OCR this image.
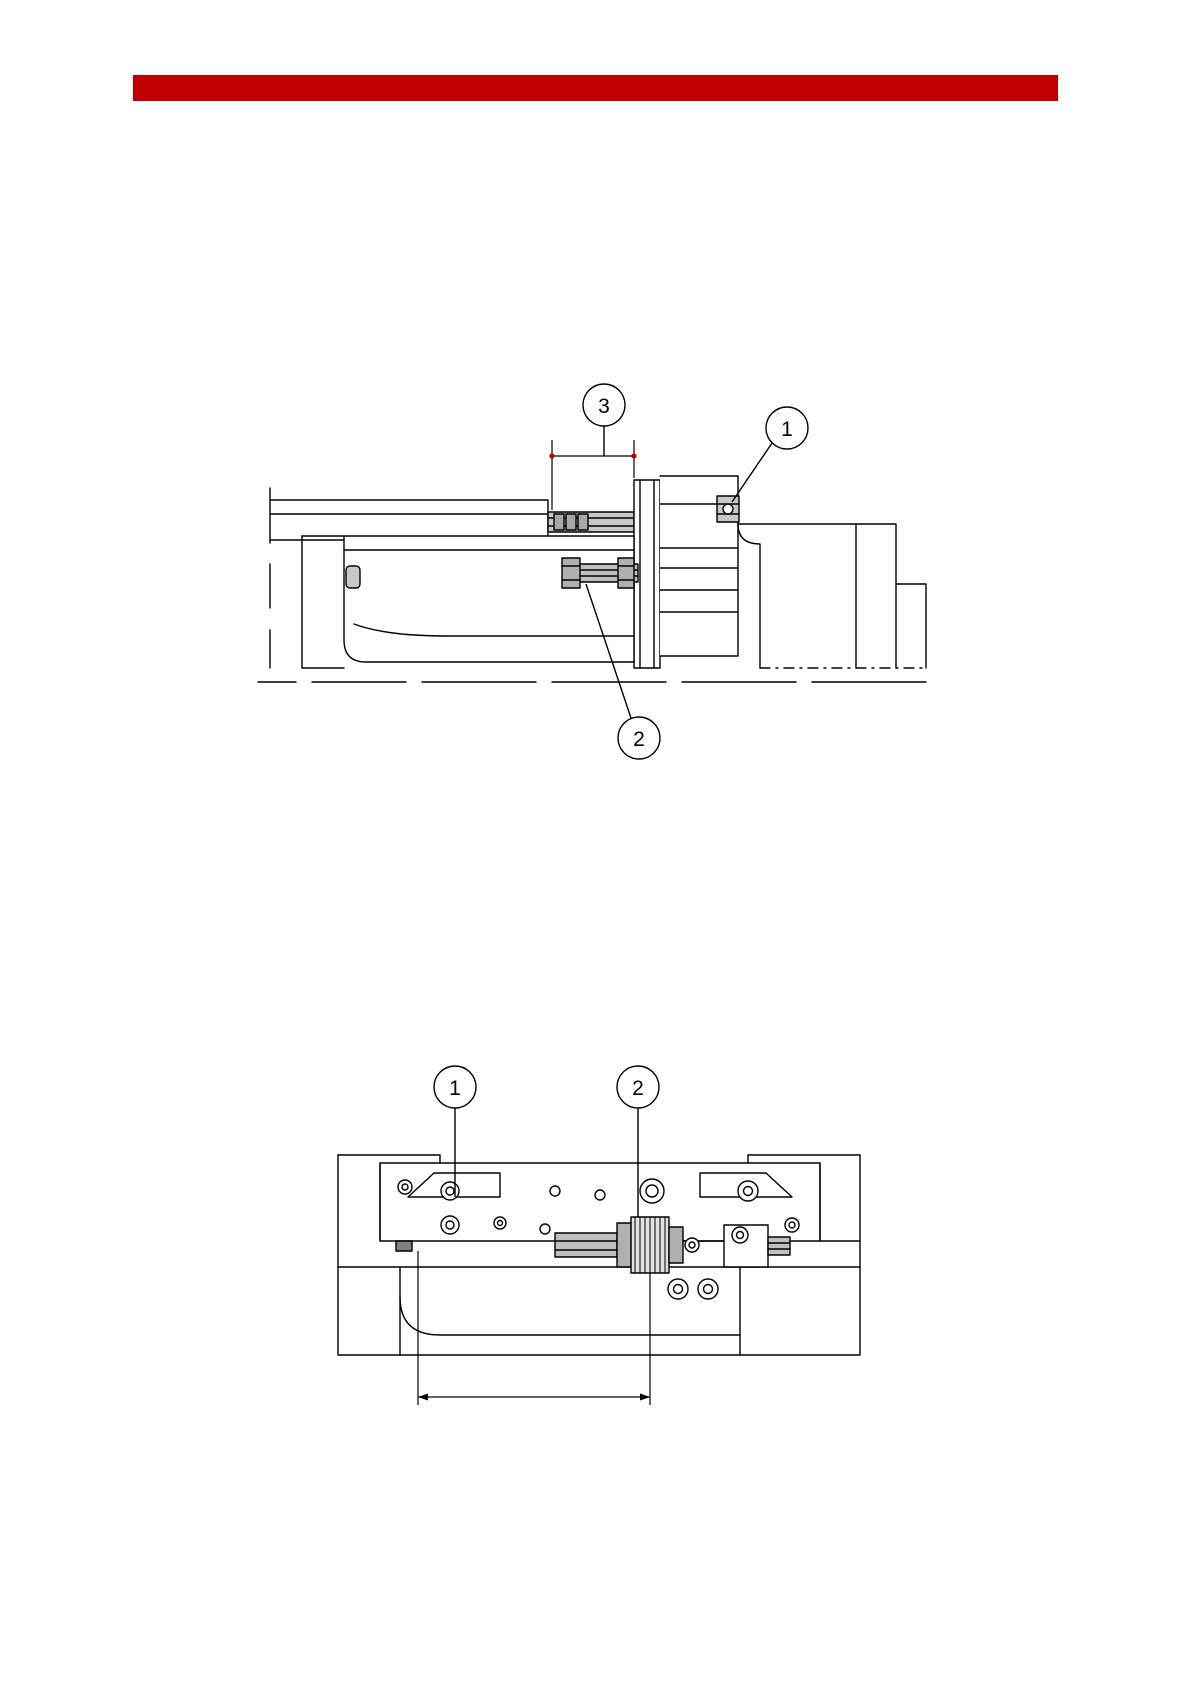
3
1
2
1	2
